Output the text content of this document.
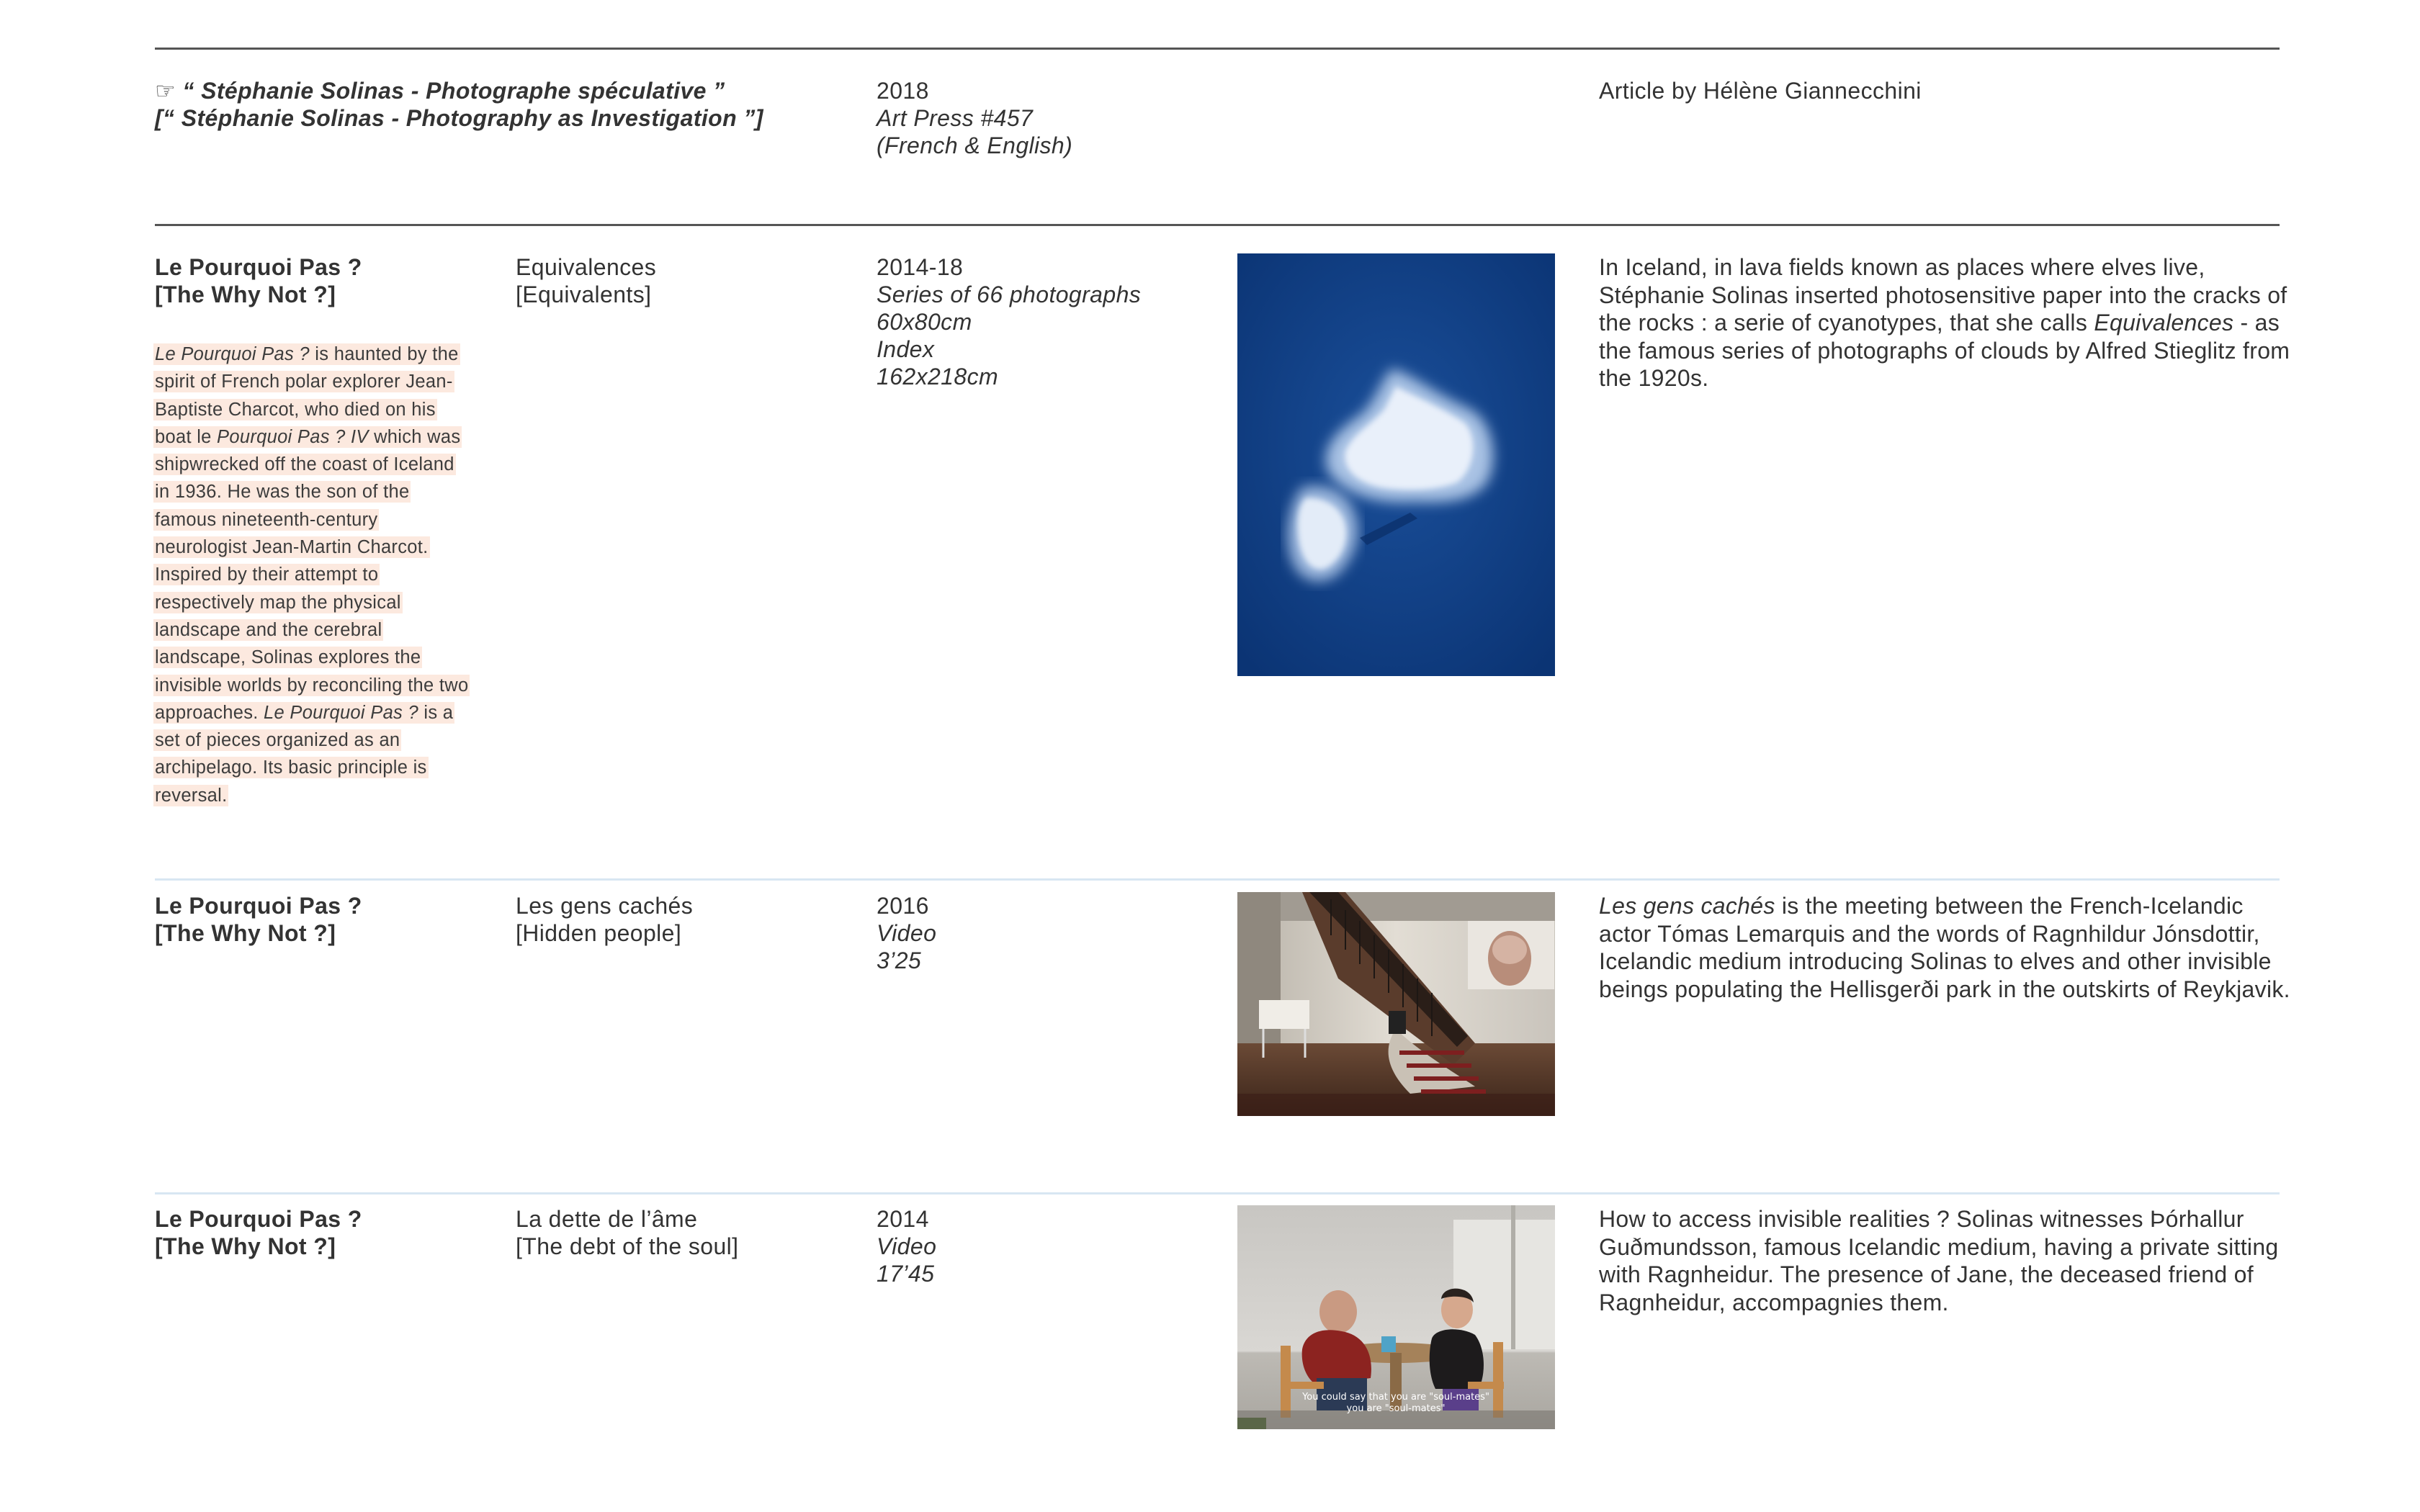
☞ “ Stéphanie Solinas - Photographe spéculative ”
[“ Stéphanie Solinas - Photography as Investigation ”]
2018
Art Press #457
(French & English)
Article by Hélène Giannecchini
Le Pourquoi Pas ?
[The Why Not ?]
Le Pourquoi Pas ? is haunted by the spirit of French polar explorer Jean-Baptiste Charcot, who died on his boat le Pourquoi Pas ? IV which was shipwrecked off the coast of Iceland in 1936. He was the son of the famous nineteenth-century neurologist Jean-Martin Charcot. Inspired by their attempt to respectively map the physical landscape and the cerebral landscape, Solinas explores the invisible worlds by reconciling the two approaches. Le Pourquoi Pas ? is a set of pieces organized as an archipelago. Its basic principle is reversal.
Equivalences
[Equivalents]
2014-18
Series of 66 photographs
60x80cm
Index
162x218cm
In Iceland, in lava fields known as places where elves live, Stéphanie Solinas inserted photosensitive paper into the cracks of the rocks : a serie of cyanotypes, that she calls Equivalences - as the famous series of photographs of clouds by Alfred Stieglitz from the 1920s.
Le Pourquoi Pas ?
[The Why Not ?]
Les gens cachés
[Hidden people]
2016
Video
3’25
Les gens cachés is the meeting between the French-Icelandic actor Tómas Lemarquis and the words of Ragnhildur Jónsdottir, Icelandic medium introducing Solinas to elves and other invisible beings populating the Hellisgerði park in the outskirts of Reykjavik.
Le Pourquoi Pas ?
[The Why Not ?]
La dette de l’âme
[The debt of the soul]
2014
Video
17’45
You could say that you are "soul-mates"
you are "soul-mates"
How to access invisible realities ? Solinas witnesses Þórhallur Guðmundsson, famous Icelandic medium, having a private sitting with Ragnheidur. The presence of Jane, the deceased friend of Ragnheidur, accompagnies them.
